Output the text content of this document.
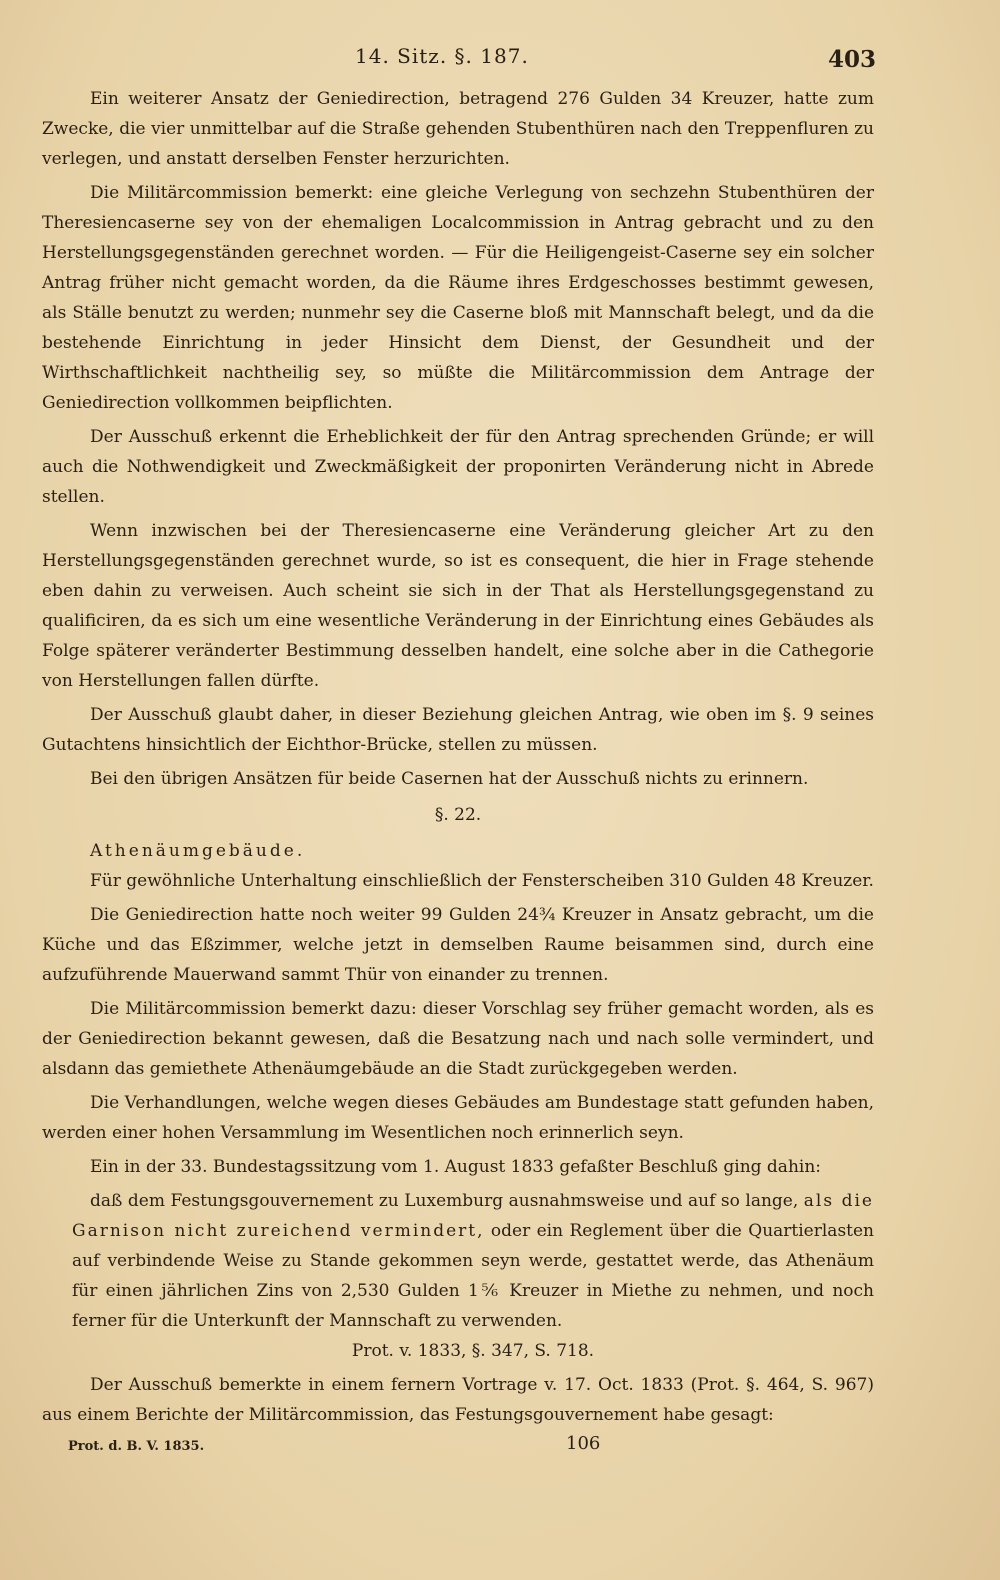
14. Sitz. §. 187.	403

Ein weiterer Ansatz der Geniedirection, betragend 276 Gulden 34 Kreuzer, hatte zum Zwecke, die vier unmittelbar auf die Straße gehenden Stubenthüren nach den Treppenfluren zu verlegen, und anstatt derselben Fenster herzurichten.

Die Militärcommission bemerkt: eine gleiche Verlegung von sechzehn Stubenthüren der Theresiencaserne sey von der ehemaligen Localcommission in Antrag gebracht und zu den Herstellungsgegenständen gerechnet worden. — Für die Heiligengeist-Caserne sey ein solcher Antrag früher nicht gemacht worden, da die Räume ihres Erdgeschosses bestimmt gewesen, als Ställe benutzt zu werden; nunmehr sey die Caserne bloß mit Mannschaft belegt, und da die bestehende Einrichtung in jeder Hinsicht dem Dienst, der Gesundheit und der Wirthschaftlichkeit nachtheilig sey, so müßte die Militärcommission dem Antrage der Geniedirection vollkommen beipflichten.

Der Ausschuß erkennt die Erheblichkeit der für den Antrag sprechenden Gründe; er will auch die Nothwendigkeit und Zweckmäßigkeit der proponirten Veränderung nicht in Abrede stellen.

Wenn inzwischen bei der Theresiencaserne eine Veränderung gleicher Art zu den Herstellungsgegenständen gerechnet wurde, so ist es consequent, die hier in Frage stehende eben dahin zu verweisen. Auch scheint sie sich in der That als Herstellungsgegenstand zu qualificiren, da es sich um eine wesentliche Veränderung in der Einrichtung eines Gebäudes als Folge späterer veränderter Bestimmung desselben handelt, eine solche aber in die Cathegorie von Herstellungen fallen dürfte.

Der Ausschuß glaubt daher, in dieser Beziehung gleichen Antrag, wie oben im §. 9 seines Gutachtens hinsichtlich der Eichthor-Brücke, stellen zu müssen.

Bei den übrigen Ansätzen für beide Casernen hat der Ausschuß nichts zu erinnern.

§. 22.

Athenäumgebäude.

Für gewöhnliche Unterhaltung einschließlich der Fensterscheiben 310 Gulden 48 Kreuzer.

Die Geniedirection hatte noch weiter 99 Gulden 24¾ Kreuzer in Ansatz gebracht, um die Küche und das Eßzimmer, welche jetzt in demselben Raume beisammen sind, durch eine aufzuführende Mauerwand sammt Thür von einander zu trennen.

Die Militärcommission bemerkt dazu: dieser Vorschlag sey früher gemacht worden, als es der Geniedirection bekannt gewesen, daß die Besatzung nach und nach solle vermindert, und alsdann das gemiethete Athenäumgebäude an die Stadt zurückgegeben werden.

Die Verhandlungen, welche wegen dieses Gebäudes am Bundestage statt gefunden haben, werden einer hohen Versammlung im Wesentlichen noch erinnerlich seyn.

Ein in der 33. Bundestagssitzung vom 1. August 1833 gefaßter Beschluß ging dahin:

daß dem Festungsgouvernement zu Luxemburg ausnahmsweise und auf so lange, als die Garnison nicht zureichend vermindert, oder ein Reglement über die Quartierlasten auf verbindende Weise zu Stande gekommen seyn werde, gestattet werde, das Athenäum für einen jährlichen Zins von 2,530 Gulden 1⅚ Kreuzer in Miethe zu nehmen, und noch ferner für die Unterkunft der Mannschaft zu verwenden.

Prot. v. 1833, §. 347, S. 718.

Der Ausschuß bemerkte in einem fernern Vortrage v. 17. Oct. 1833 (Prot. §. 464, S. 967) aus einem Berichte der Militärcommission, das Festungsgouvernement habe gesagt:

Prot. d. B. V. 1835.	106
